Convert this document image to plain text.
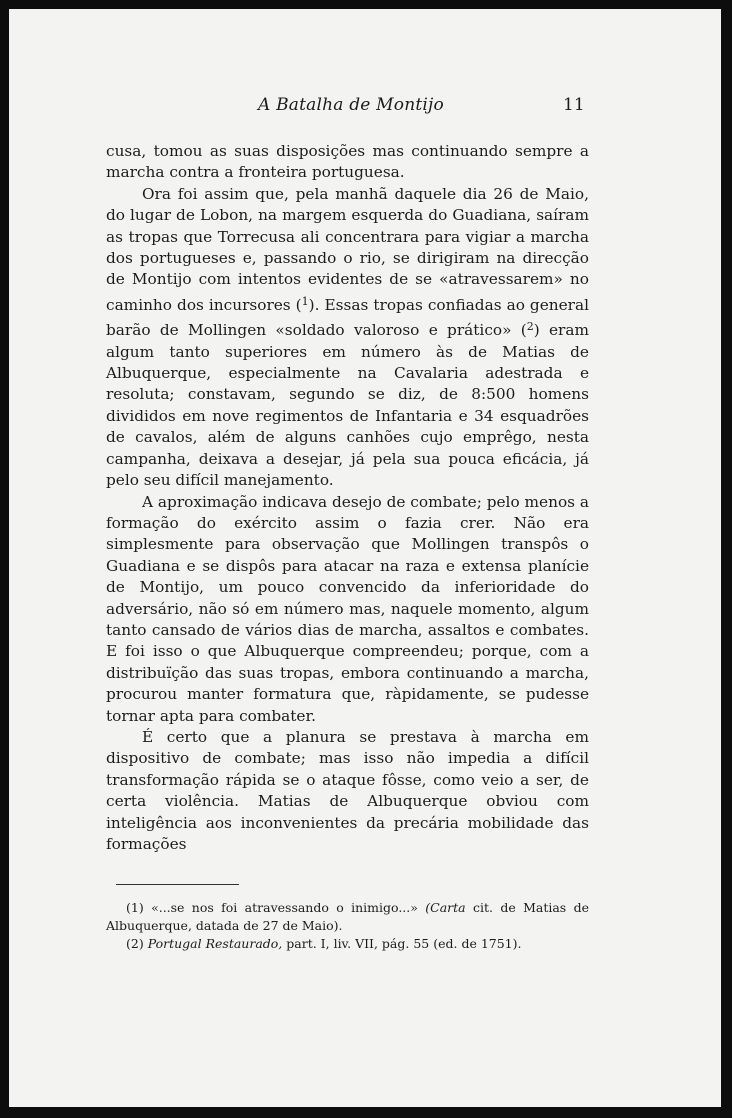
A Batalha de Montijo	11

cusa, tomou as suas disposições mas continuando sempre a marcha contra a fronteira portuguesa.

Ora foi assim que, pela manhã daquele dia 26 de Maio, do lugar de Lobon, na margem esquerda do Guadiana, saíram as tropas que Torrecusa ali concentrara para vigiar a marcha dos portugueses e, passando o rio, se dirigiram na direcção de Montijo com intentos evidentes de se «atravessarem» no caminho dos incursores ($^1$). Essas tropas confiadas ao general barão de Mollingen «soldado valoroso e prático» ($^2$) eram algum tanto superiores em número às de Matias de Albuquerque, especialmente na Cavalaria adestrada e resoluta; constavam, segundo se diz, de 8:500 homens divididos em nove regimentos de Infantaria e 34 esquadrões de cavalos, além de alguns canhões cujo emprêgo, nesta campanha, deixava a desejar, já pela sua pouca eficácia, já pelo seu difícil manejamento.

A aproximação indicava desejo de combate; pelo menos a formação do exército assim o fazia crer. Não era simplesmente para observação que Mollingen transpôs o Guadiana e se dispôs para atacar na raza e extensa planície de Montijo, um pouco convencido da inferioridade do adversário, não só em número mas, naquele momento, algum tanto cansado de vários dias de marcha, assaltos e combates. E foi isso o que Albuquerque compreendeu; porque, com a distribuïção das suas tropas, embora continuando a marcha, procurou manter formatura que, ràpidamente, se pudesse tornar apta para combater.

É certo que a planura se prestava à marcha em dispositivo de combate; mas isso não impedia a difícil transformação rápida se o ataque fôsse, como veio a ser, de certa violência. Matias de Albuquerque obviou com inteligência aos inconvenientes da precária mobilidade das formações

(1) «...se nos foi atravessando o inimigo...» (Carta cit. de Matias de Albuquerque, datada de 27 de Maio).

(2) Portugal Restaurado, part. I, liv. VII, pág. 55 (ed. de 1751).
